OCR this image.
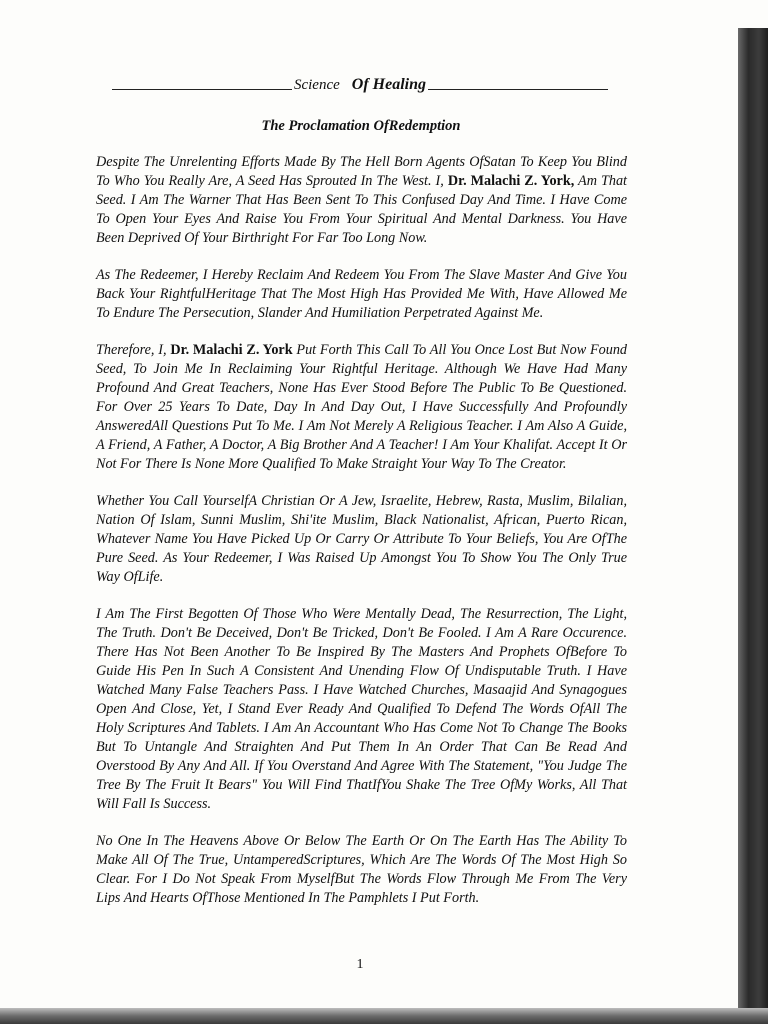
Science Of Healing
The Proclamation OfRedemption

Despite The Unrelenting Efforts Made By The Hell Born Agents OfSatan To Keep You Blind To Who You Really Are, A Seed Has Sprouted In The West. I, Dr. Malachi Z. York, Am That Seed. I Am The Warner That Has Been Sent To This Confused Day And Time. I Have Come To Open Your Eyes And Raise You From Your Spiritual And Mental Darkness. You Have Been Deprived Of Your Birthright For Far Too Long Now.

As The Redeemer, I Hereby Reclaim And Redeem You From The Slave Master And Give You Back Your RightfulHeritage That The Most High Has Provided Me With, Have Allowed Me To Endure The Persecution, Slander And Humiliation Perpetrated Against Me.

Therefore, I, Dr. Malachi Z. York Put Forth This Call To All You Once Lost But Now Found Seed, To Join Me In Reclaiming Your Rightful Heritage. Although We Have Had Many Profound And Great Teachers, None Has Ever Stood Before The Public To Be Questioned. For Over 25 Years To Date, Day In And Day Out, I Have Successfully And Profoundly AnsweredAll Questions Put To Me. I Am Not Merely A Religious Teacher. I Am Also A Guide, A Friend, A Father, A Doctor, A Big Brother And A Teacher! I Am Your Khalifat. Accept It Or Not For There Is None More Qualified To Make Straight Your Way To The Creator.

Whether You Call YourselfA Christian Or A Jew, Israelite, Hebrew, Rasta, Muslim, Bilalian, Nation Of Islam, Sunni Muslim, Shi'ite Muslim, Black Nationalist, African, Puerto Rican, Whatever Name You Have Picked Up Or Carry Or Attribute To Your Beliefs, You Are OfThe Pure Seed. As Your Redeemer, I Was Raised Up Amongst You To Show You The Only True Way OfLife.

I Am The First Begotten Of Those Who Were Mentally Dead, The Resurrection, The Light, The Truth. Don't Be Deceived, Don't Be Tricked, Don't Be Fooled. I Am A Rare Occurence. There Has Not Been Another To Be Inspired By The Masters And Prophets OfBefore To Guide His Pen In Such A Consistent And Unending Flow Of Undisputable Truth. I Have Watched Many False Teachers Pass. I Have Watched Churches, Masaajid And Synagogues Open And Close, Yet, I Stand Ever Ready And Qualified To Defend The Words OfAll The Holy Scriptures And Tablets. I Am An Accountant Who Has Come Not To Change The Books But To Untangle And Straighten And Put Them In An Order That Can Be Read And Overstood By Any And All. If You Overstand And Agree With The Statement, "You Judge The Tree By The Fruit It Bears" You Will Find ThatIfYou Shake The Tree OfMy Works, All That Will Fall Is Success.

No One In The Heavens Above Or Below The Earth Or On The Earth Has The Ability To Make All Of The True, UntamperedScriptures, Which Are The Words Of The Most High So Clear. For I Do Not Speak From MyselfBut The Words Flow Through Me From The Very Lips And Hearts OfThose Mentioned In The Pamphlets I Put Forth.

1
